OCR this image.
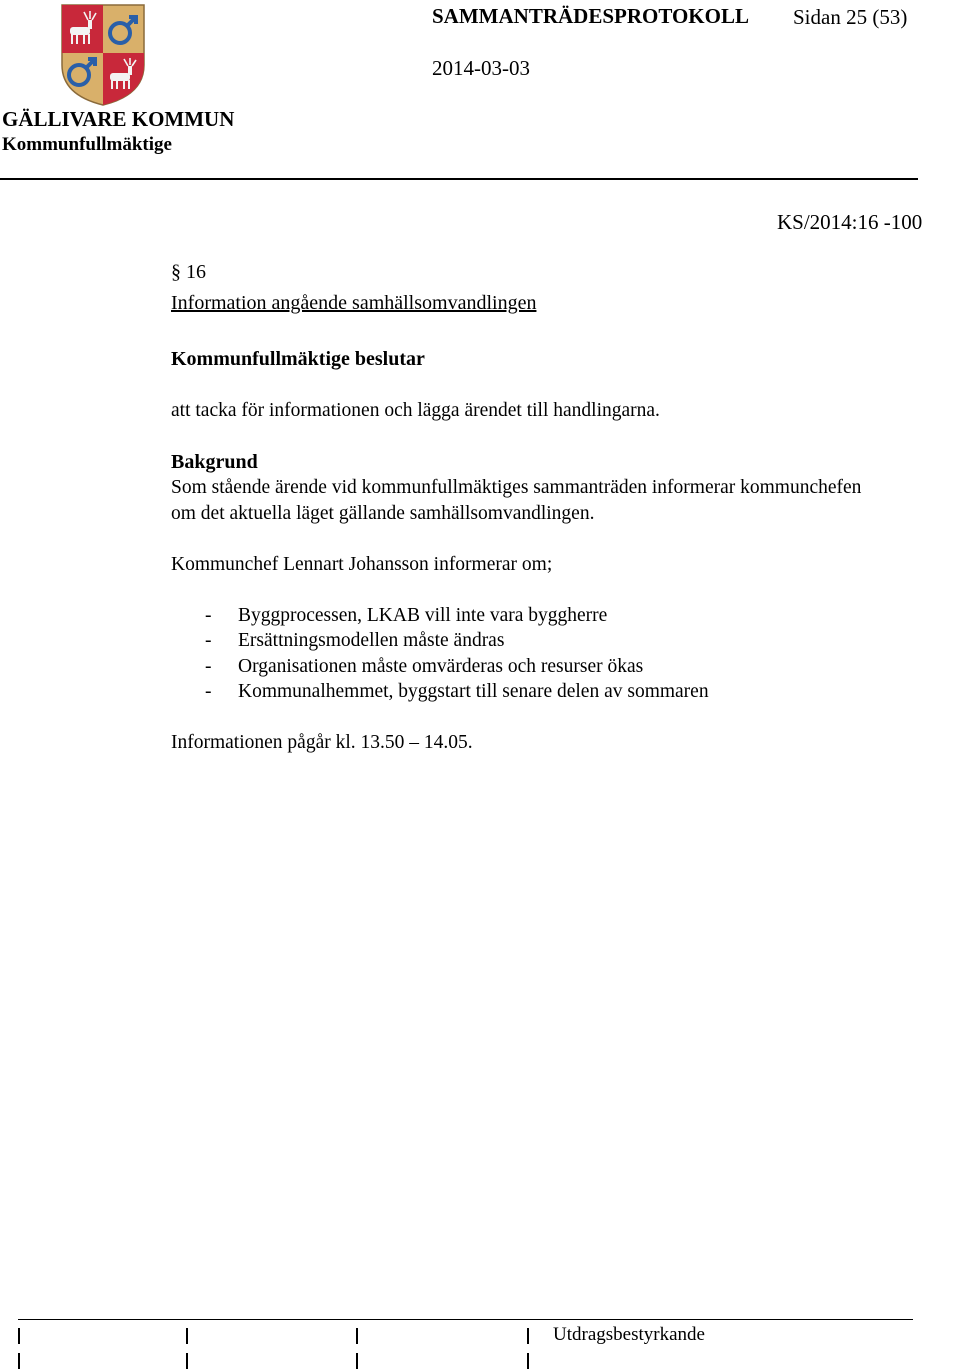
SAMMANTRÄDESPROTOKOLL Sidan 25 (53)
2014-03-03
GÄLLIVARE KOMMUN
Kommunfullmäktige
KS/2014:16 -100
§ 16
Information angående samhällsomvandlingen
Kommunfullmäktige beslutar
att tacka för informationen och lägga ärendet till handlingarna.
Bakgrund
Som stående ärende vid kommunfullmäktiges sammanträden informerar kommunchefen
om det aktuella läget gällande samhällsomvandlingen.
Kommunchef Lennart Johansson informerar om;
- Byggprocessen, LKAB vill inte vara byggherre
- Ersättningsmodellen måste ändras
- Organisationen måste omvärderas och resurser ökas
- Kommunalhemmet, byggstart till senare delen av sommaren
Informationen pågår kl. 13.50 – 14.05.
Utdragsbestyrkande
